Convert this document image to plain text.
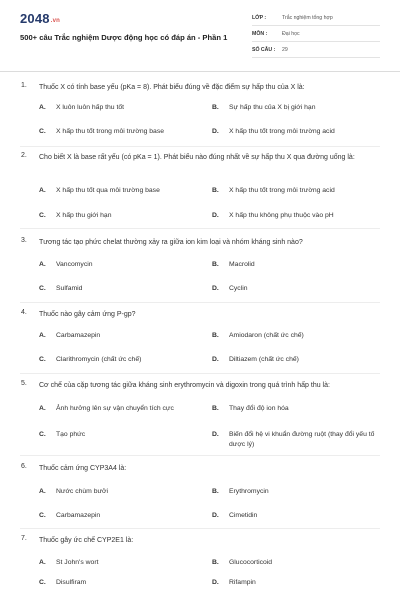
2048.vn
500+ câu Trắc nghiệm Dược động học có đáp án - Phần 1
LỚP :	Trắc nghiệm tổng hợp
MÔN :	Đại học
SỐ CÂU : 29
1. Thuốc X có tính base yếu (pKa = 8). Phát biểu đúng về đặc điểm sự hấp thu của X là:
A. X luôn luôn hấp thu tốt	B. Sự hấp thu của X bị giới hạn
C. X hấp thu tốt trong môi trường base	D. X hấp thu tốt trong môi trường acid
2. Cho biết X là base rất yếu (có pKa = 1). Phát biểu nào đúng nhất về sự hấp thu X qua đường uống là:
A. X hấp thu tốt qua môi trường base	B. X hấp thu tốt trong môi trường acid
C. X hấp thu giới hạn	D. X hấp thu không phụ thuộc vào pH
3. Tương tác tạo phức chelat thường xảy ra giữa ion kim loại và nhóm kháng sinh nào?
A. Vancomycin	B. Macrolid
C. Sulfamid	D. Cyclin
4. Thuốc nào gây cảm ứng P-gp?
A. Carbamazepin	B. Amiodaron (chất ức chế)
C. Clarithromycin (chất ức chế)	D. Diltiazem (chất ức chế)
5. Cơ chế của cặp tương tác giữa kháng sinh erythromycin và digoxin trong quá trình hấp thu là:
A. Ảnh hưởng lên sự vận chuyển tích cực	B. Thay đổi độ ion hóa
C. Tạo phức	D. Biến đổi hệ vi khuẩn đường ruột (thay đổi yếu tố dược lý)
6. Thuốc cảm ứng CYP3A4 là:
A. Nước chùm bưởi	B. Erythromycin
C. Carbamazepin	D. Cimetidin
7. Thuốc gây ức chế CYP2E1 là:
A. St John's wort	B. Glucocorticoid
C. Disulfiram	D. Rifampin
